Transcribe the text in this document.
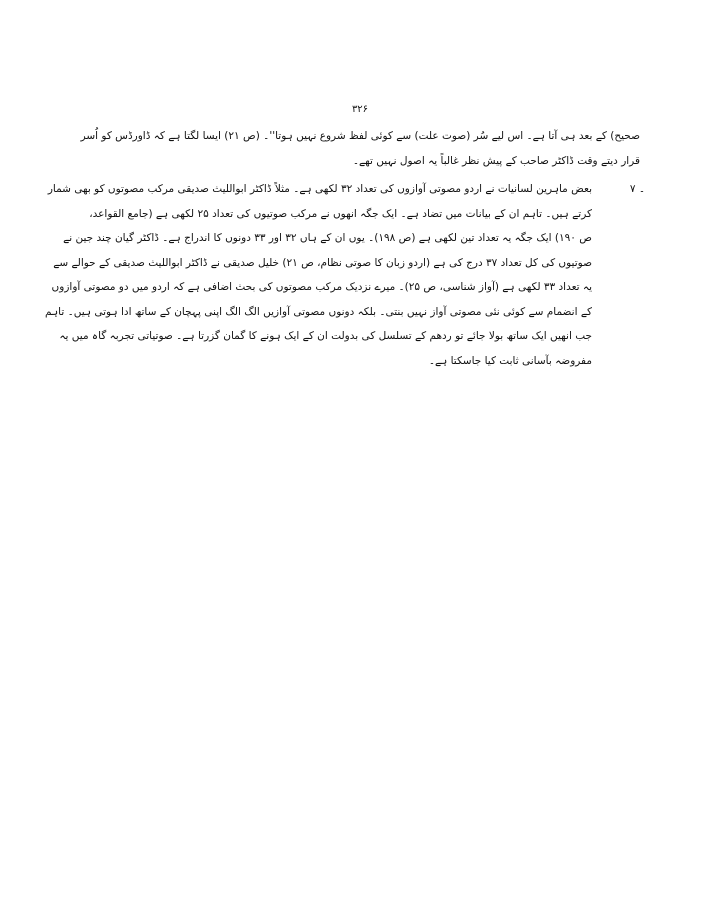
۳۲۶
صحیح) کے بعد ہی آتا ہے۔ اس لیے سُر (صوت علت) سے کوئی لفظ شروع نہیں ہوتا''۔ (ص ۲۱) ایسا لگتا ہے کہ ڈاورڈس کو اُسر
قرار دیتے وقت ڈاکٹر صاحب کے پیش نظر غالباً یہ اصول نہیں تھے۔
۔ ۷
بعض ماہرین لسانیات نے اردو مصوتی آوازوں کی تعداد ۳۲ لکھی ہے۔ مثلاً ڈاکٹر ابواللیث صدیقی مرکب مصوتوں کو بھی شمار
کرتے ہیں۔ تاہم ان کے بیانات میں تضاد ہے۔ ایک جگہ انھوں نے مرکب صوتیوں کی تعداد ۲۵ لکھی ہے (جامع القواعد،
ص ۱۹۰) ایک جگہ یہ تعداد تین لکھی ہے (ص ۱۹۸)۔ یوں ان کے ہاں ۳۲ اور ۳۳ دونوں کا اندراج ہے۔ ڈاکٹر گیان چند جین نے
صوتیوں کی کل تعداد ۳۷ درج کی ہے (اردو زبان کا صوتی نظام، ص ۲۱) خلیل صدیقی نے ڈاکٹر ابواللیث صدیقی کے حوالے سے
یہ تعداد ۳۳ لکھی ہے (آواز شناسی، ص ۲۵)۔ میرے نزدیک مرکب مصوتوں کی بحث اضافی ہے کہ اردو میں دو مصوتی آوازوں
کے انضمام سے کوئی نئی مصوتی آواز نہیں بنتی۔ بلکہ دونوں مصوتی آوازیں الگ الگ اپنی پہچان کے ساتھ ادا ہوتی ہیں۔ تاہم
جب انھیں ایک ساتھ بولا جائے تو ردھم کے تسلسل کی بدولت ان کے ایک ہونے کا گمان گزرتا ہے۔ صوتیاتی تجربہ گاہ میں یہ
مفروضہ بآسانی ثابت کیا جاسکتا ہے۔
